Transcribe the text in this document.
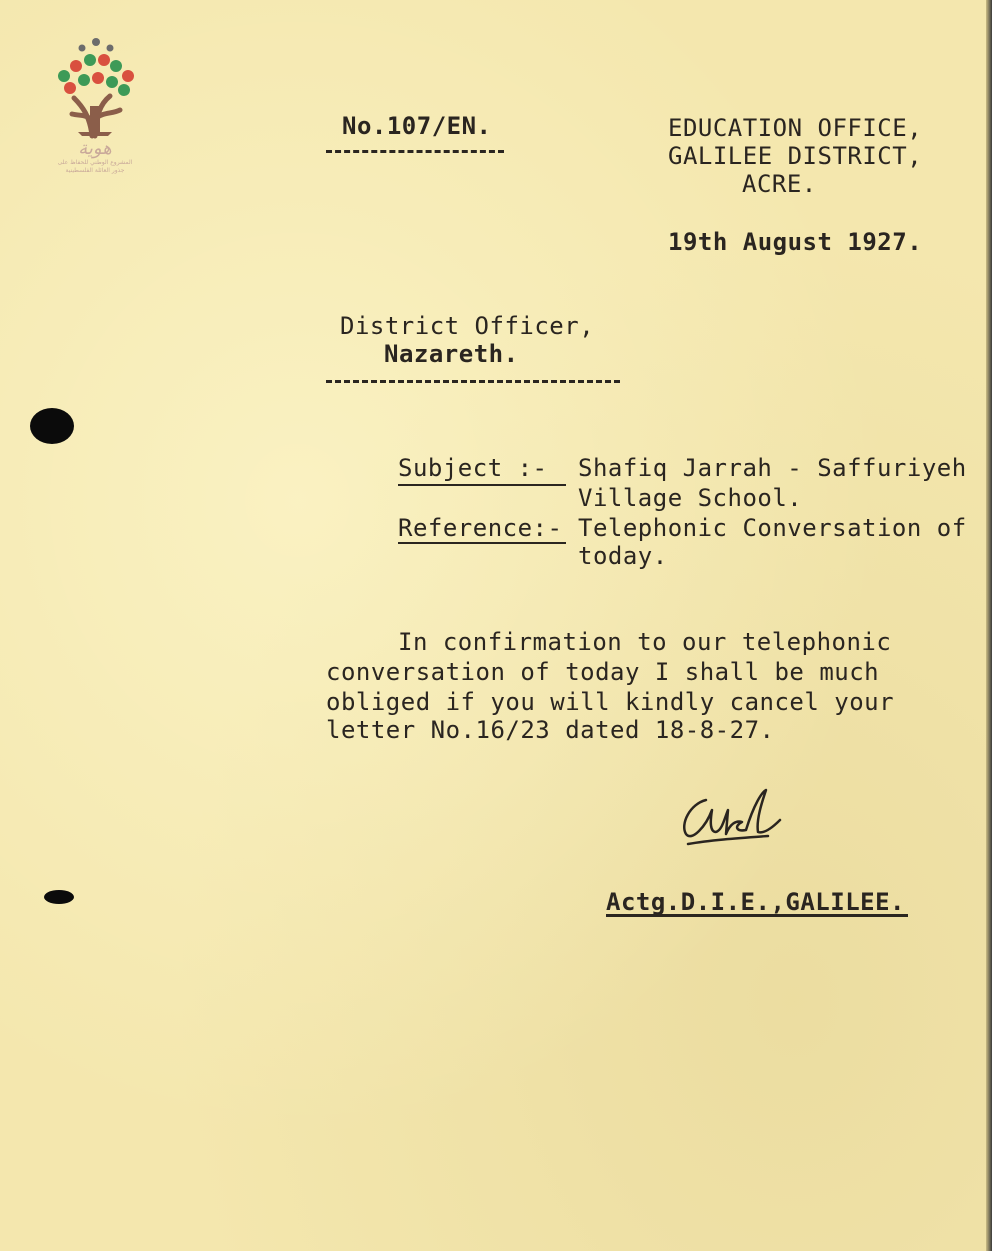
هوية
المشروع الوطني للحفاظ على
جذور العائلة الفلسطينية
No.107/EN.	EDUCATION OFFICE,
GALILEE DISTRICT,
ACRE.
19th August 1927.
District Officer,
Nazareth.
Subject :- Shafiq Jarrah - Saffuriyeh
Village School.
Reference:- Telephonic Conversation of
today.
In confirmation to our telephonic
conversation of today I shall be much
obliged if you will kindly cancel your
letter No.16/23 dated 18-8-27.
Actg.D.I.E.,GALILEE.
